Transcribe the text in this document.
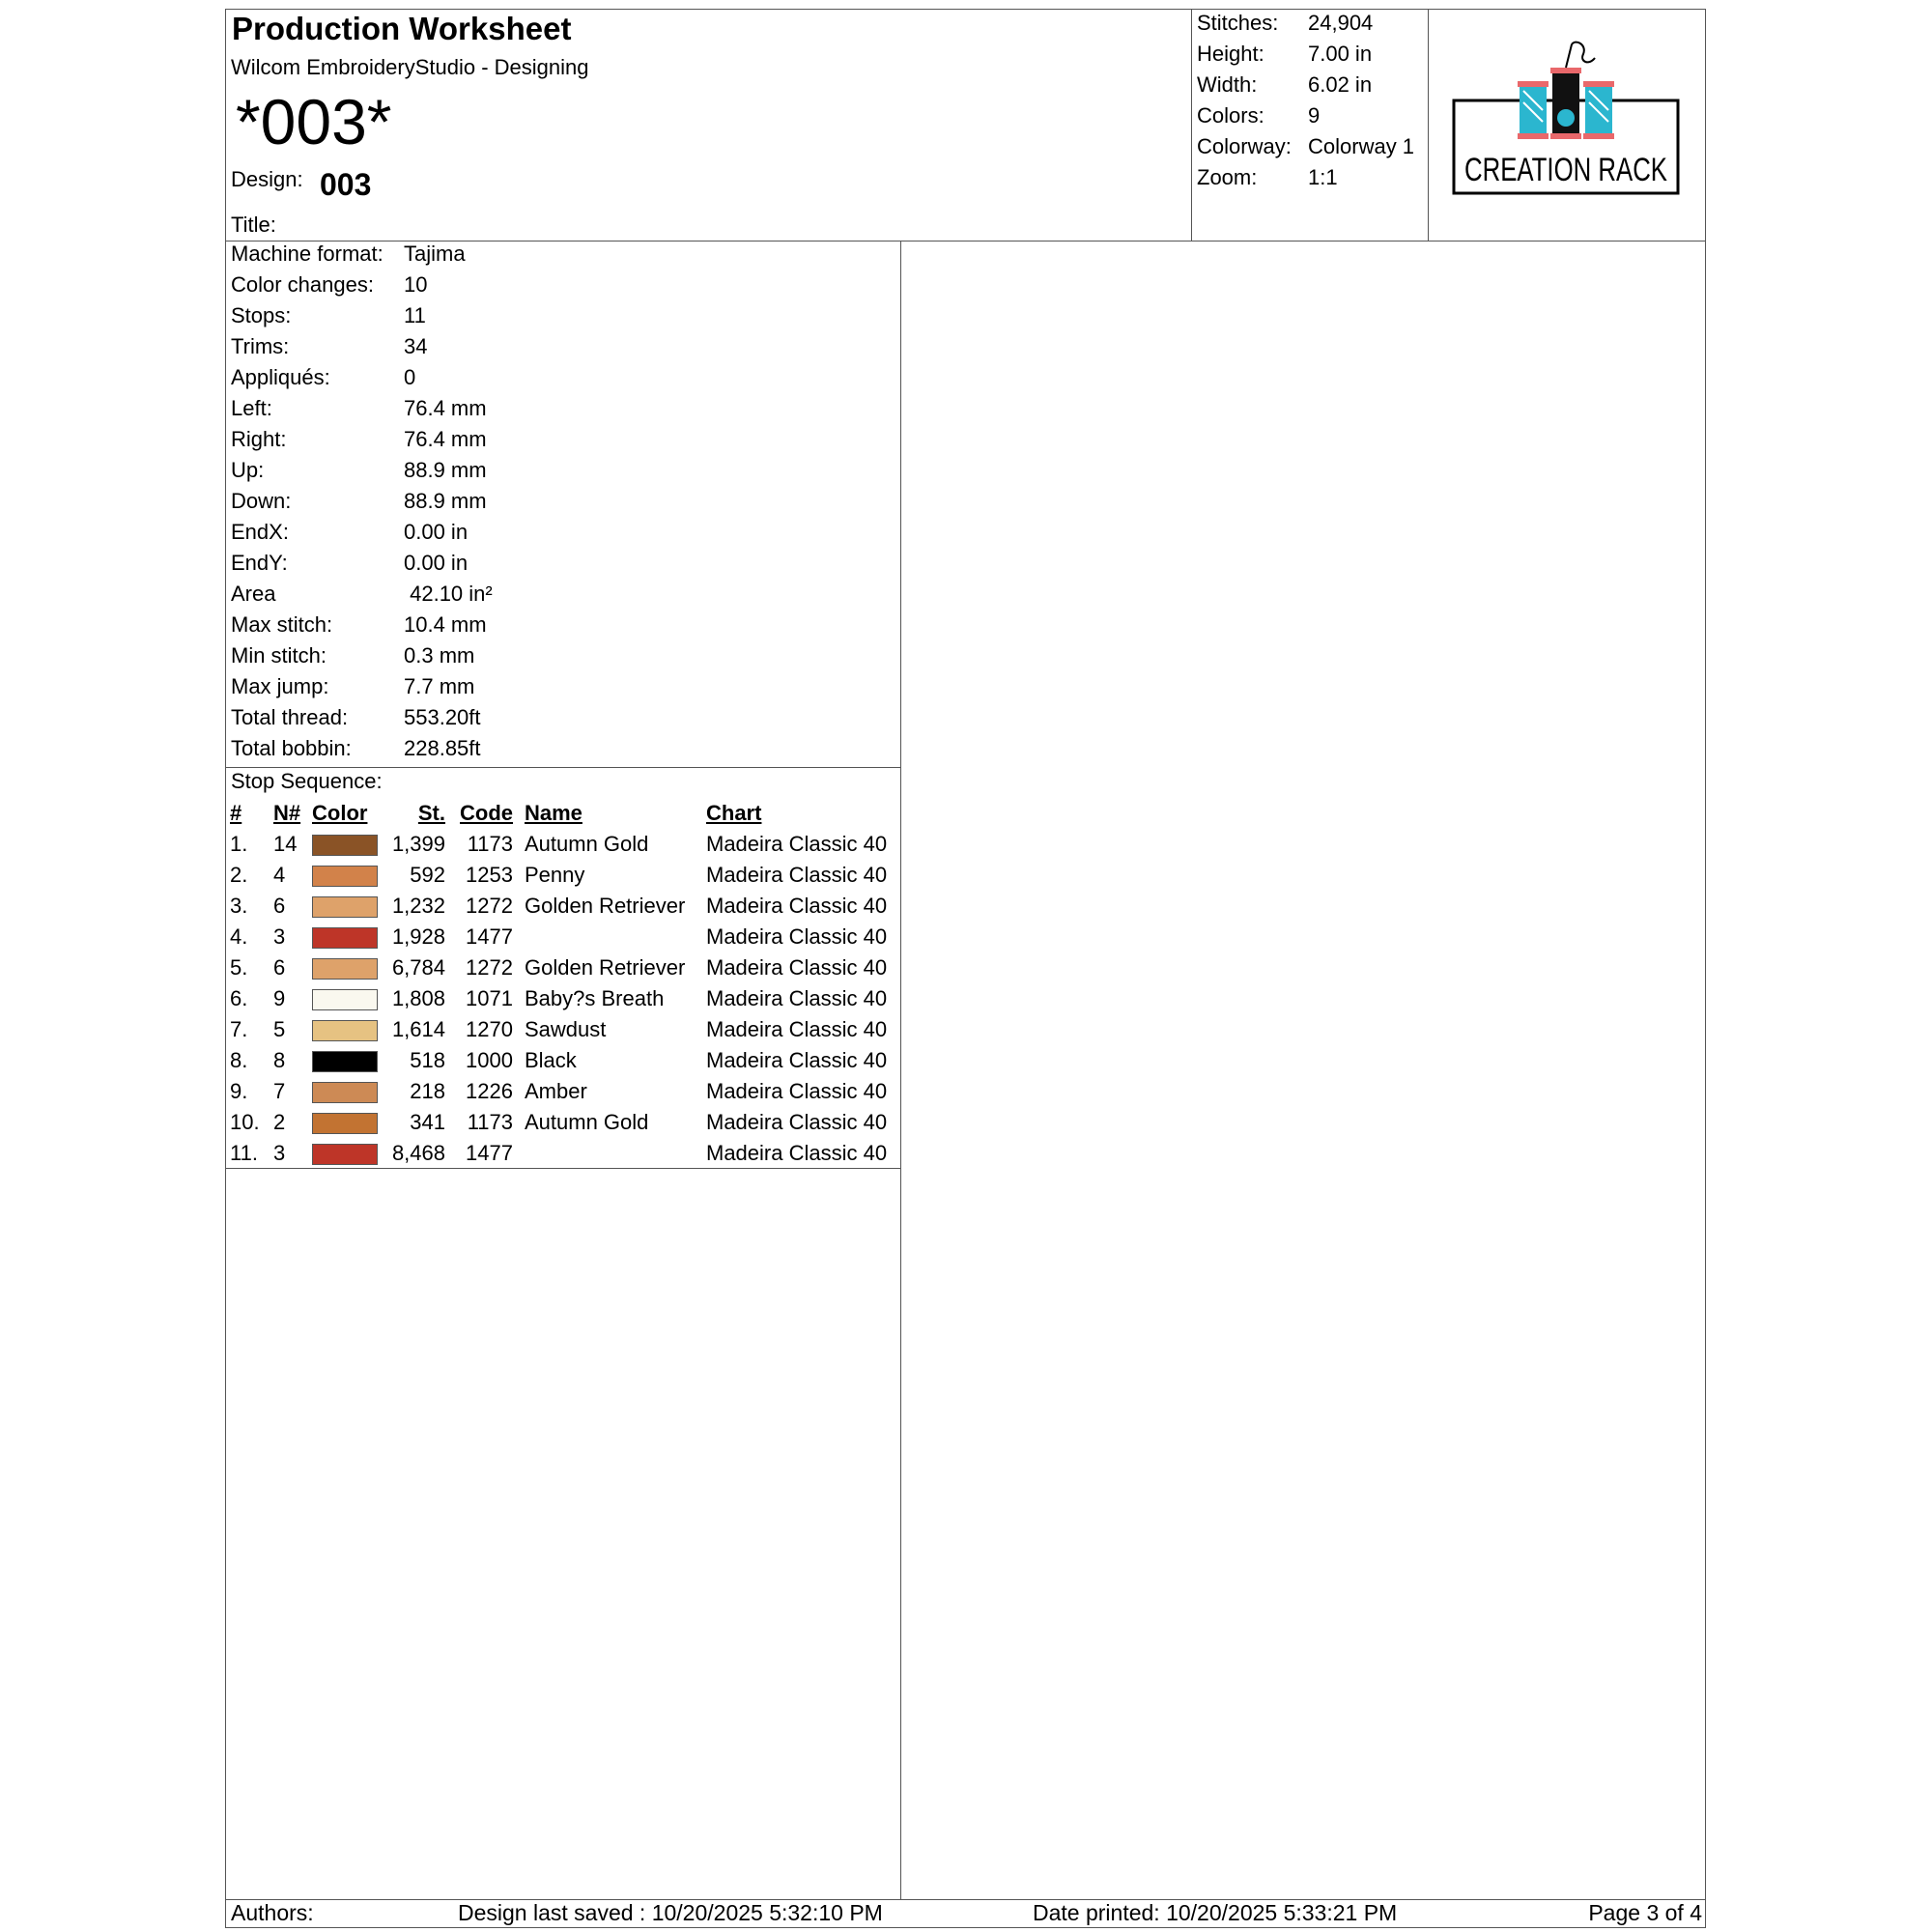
Production Worksheet
Wilcom EmbroideryStudio - Designing
*003*
Design: 003
Title:
Stitches: 24,904
Height: 7.00 in
Width: 6.02 in
Colors: 9
Colorway: Colorway 1
Zoom: 1:1	CREATION RACK
Machine format: Tajima
Color changes: 10
Stops:	11
Trims:	34
Appliqués:	0
Left:	76.4 mm
Right:	76.4 mm
Up:	88.9 mm
Down:	88.9 mm
EndX:	0.00 in
EndY:	0.00 in
Area	42.10 in²
Max stitch:	10.4 mm
Min stitch:	0.3 mm
Max jump:	7.7 mm
Total thread:	553.20ft
Total bobbin: 228.85ft
Stop Sequence:
#	N#	Color	St.	Code	Name	Chart
1.	14		1,399	1173	Autumn Gold	Madeira Classic 40
2.	4		592	1253	Penny	Madeira Classic 40
3.	6		1,232	1272	Golden Retriever	Madeira Classic 40
4.	3		1,928	1477		Madeira Classic 40
5.	6		6,784	1272	Golden Retriever	Madeira Classic 40
6.	9		1,808	1071	Baby?s Breath	Madeira Classic 40
7.	5		1,614	1270	Sawdust	Madeira Classic 40
8.	8		518	1000	Black	Madeira Classic 40
9.	7		218	1226	Amber	Madeira Classic 40
10.	2		341	1173	Autumn Gold	Madeira Classic 40
11.	3		8,468	1477		Madeira Classic 40
Authors:	Design last saved : 10/20/2025 5:32:10 PM	Date printed: 10/20/2025 5:33:21 PM	Page 3 of 4
